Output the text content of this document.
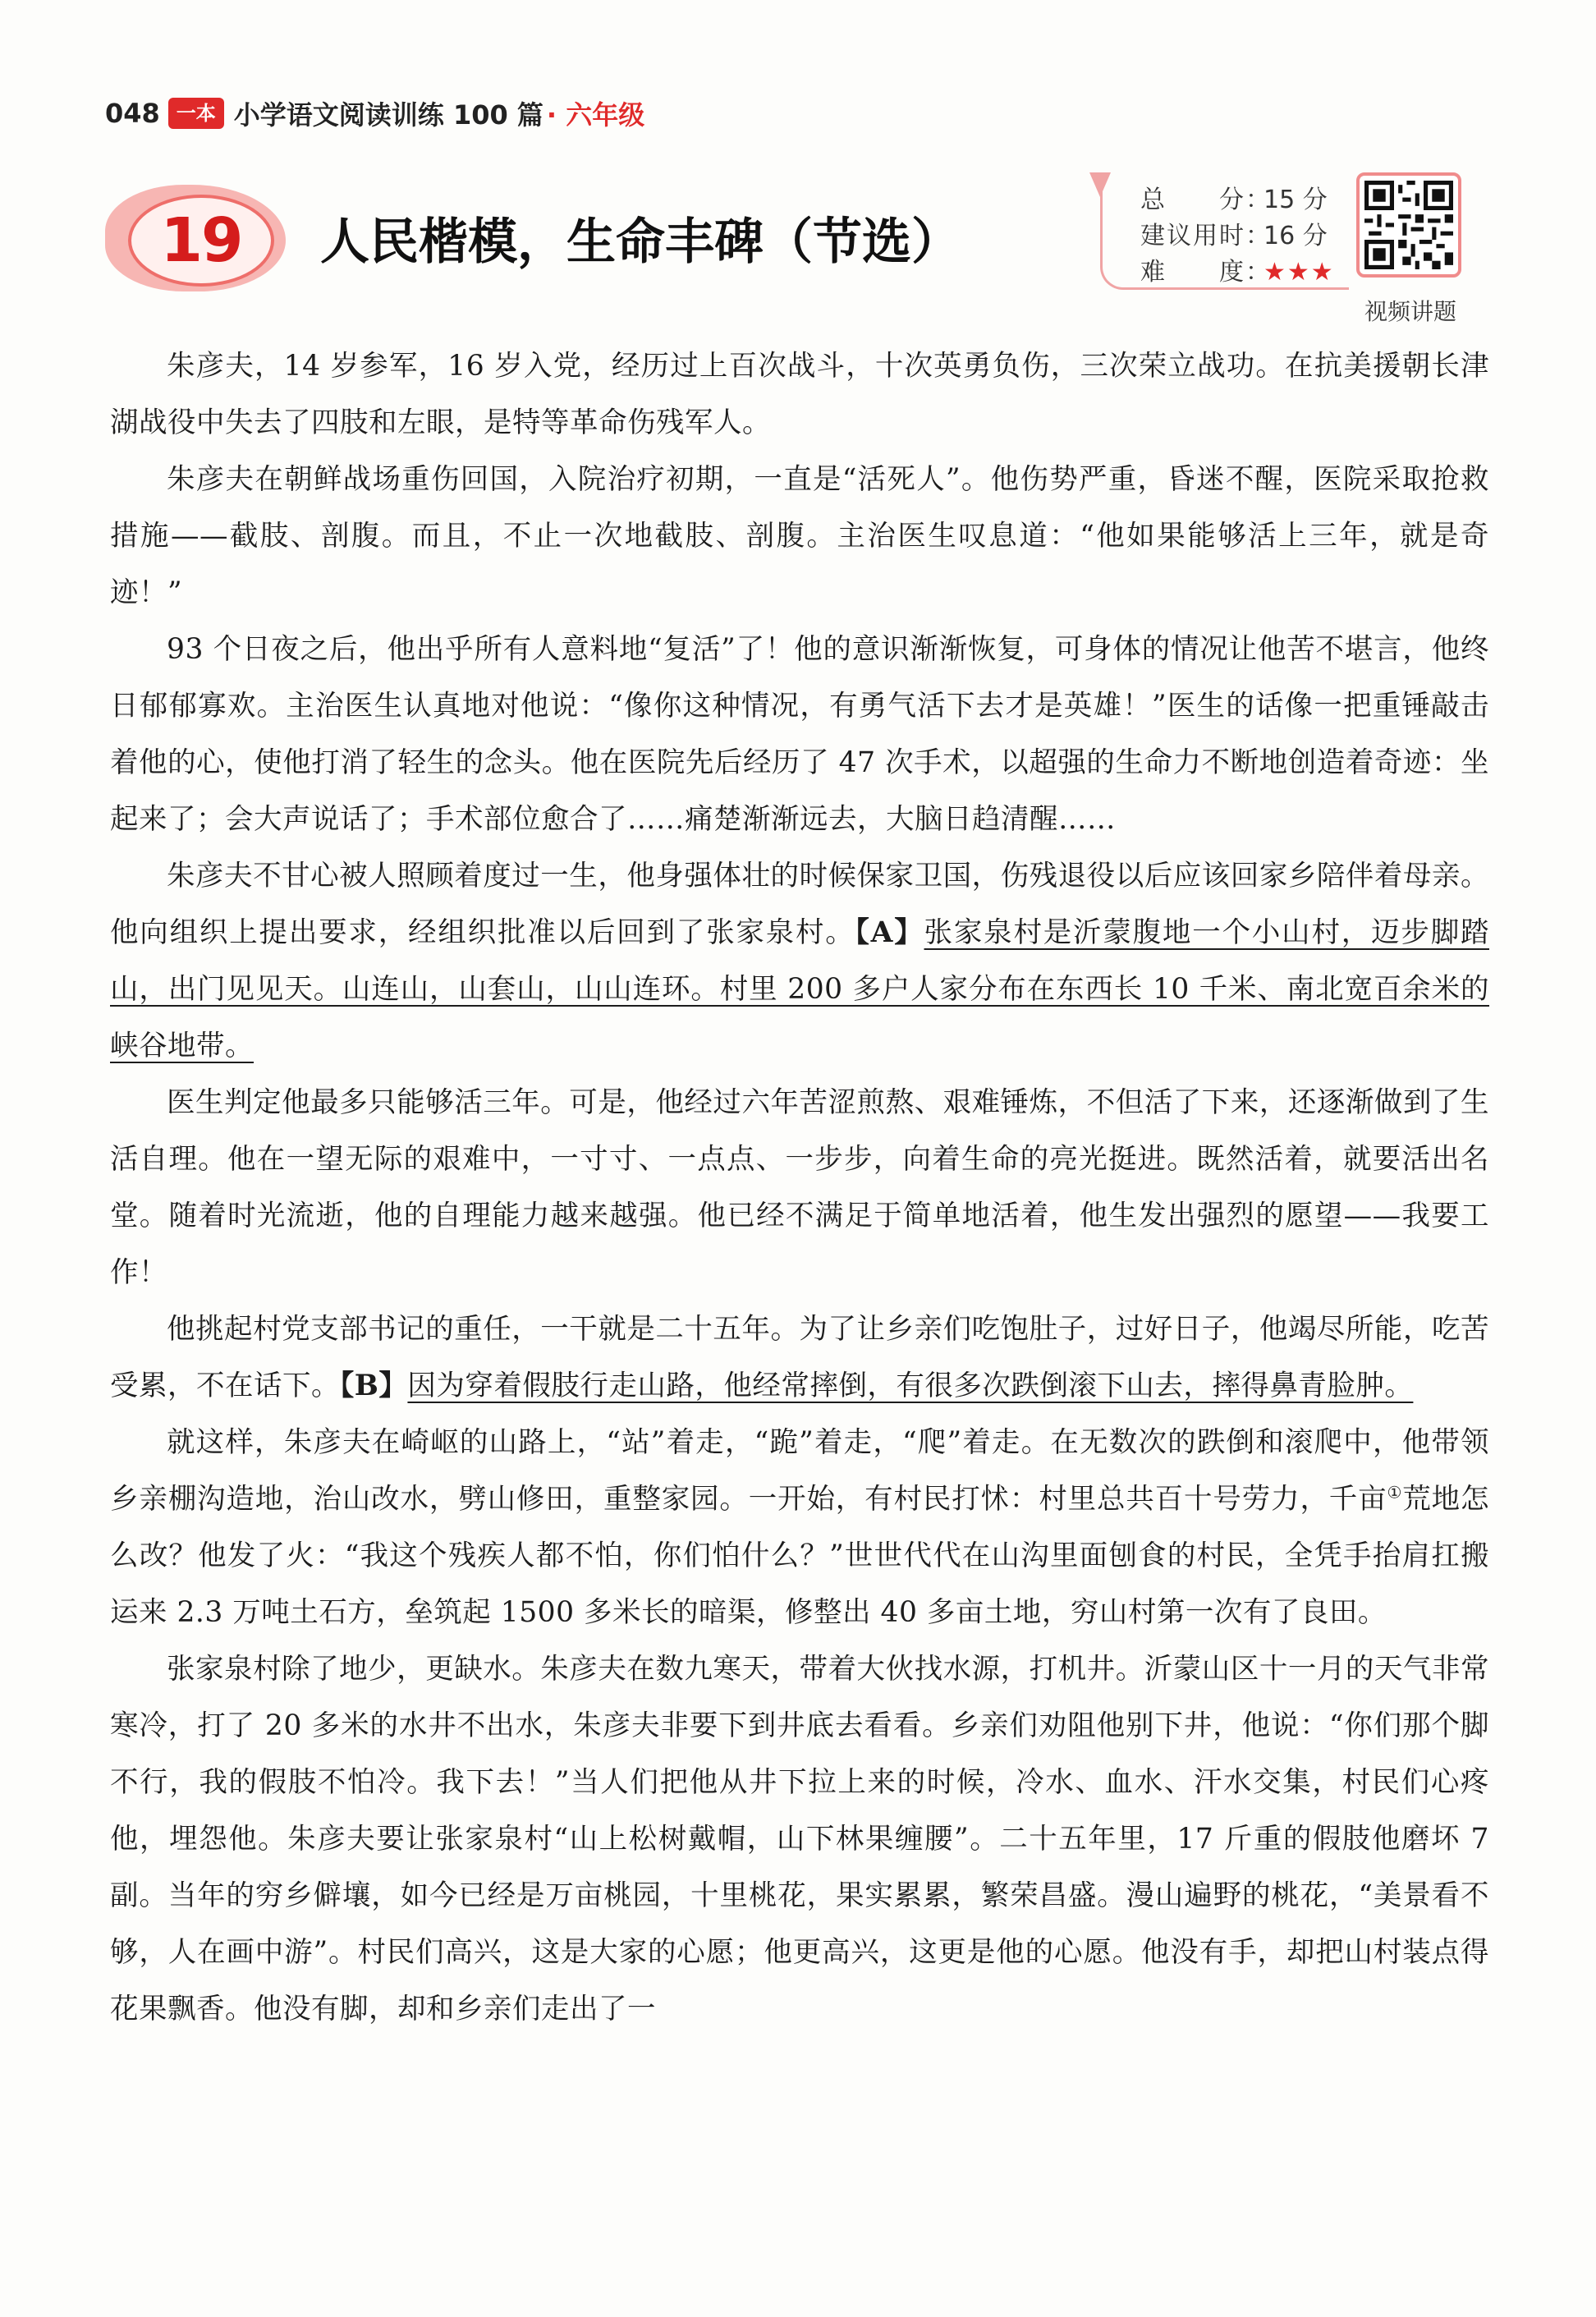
048 一本 小学语文阅读训练 100 篇 · 六年级
19 人民楷模，生命丰碑（节选）
总　　分：15 分
建议用时：16 分
难　　度：★★★
视频讲题

朱彦夫，14 岁参军，16 岁入党，经历过上百次战斗，十次英勇负伤，三次荣立战功。在抗美援朝长津湖战役中失去了四肢和左眼，是特等革命伤残军人。

朱彦夫在朝鲜战场重伤回国，入院治疗初期，一直是“活死人”。他伤势严重，昏迷不醒，医院采取抢救措施——截肢、剖腹。而且，不止一次地截肢、剖腹。主治医生叹息道：“他如果能够活上三年，就是奇迹！”

93 个日夜之后，他出乎所有人意料地“复活”了！他的意识渐渐恢复，可身体的情况让他苦不堪言，他终日郁郁寡欢。主治医生认真地对他说：“像你这种情况，有勇气活下去才是英雄！”医生的话像一把重锤敲击着他的心，使他打消了轻生的念头。他在医院先后经历了 47 次手术，以超强的生命力不断地创造着奇迹：坐起来了；会大声说话了；手术部位愈合了……痛楚渐渐远去，大脑日趋清醒……

朱彦夫不甘心被人照顾着度过一生，他身强体壮的时候保家卫国，伤残退役以后应该回家乡陪伴着母亲。他向组织上提出要求，经组织批准以后回到了张家泉村。【A】张家泉村是沂蒙腹地一个小山村，迈步脚踏山，出门见见天。山连山，山套山，山山连环。村里 200 多户人家分布在东西长 10 千米、南北宽百余米的峡谷地带。

医生判定他最多只能够活三年。可是，他经过六年苦涩煎熬、艰难锤炼，不但活了下来，还逐渐做到了生活自理。他在一望无际的艰难中，一寸寸、一点点、一步步，向着生命的亮光挺进。既然活着，就要活出名堂。随着时光流逝，他的自理能力越来越强。他已经不满足于简单地活着，他生发出强烈的愿望——我要工作！

他挑起村党支部书记的重任，一干就是二十五年。为了让乡亲们吃饱肚子，过好日子，他竭尽所能，吃苦受累，不在话下。【B】因为穿着假肢行走山路，他经常摔倒，有很多次跌倒滚下山去，摔得鼻青脸肿。

就这样，朱彦夫在崎岖的山路上，“站”着走，“跪”着走，“爬”着走。在无数次的跌倒和滚爬中，他带领乡亲棚沟造地，治山改水，劈山修田，重整家园。一开始，有村民打怵：村里总共百十号劳力，千亩①荒地怎么改？他发了火：“我这个残疾人都不怕，你们怕什么？”世世代代在山沟里面刨食的村民，全凭手抬肩扛搬运来 2.3 万吨土石方，垒筑起 1500 多米长的暗渠，修整出 40 多亩土地，穷山村第一次有了良田。

张家泉村除了地少，更缺水。朱彦夫在数九寒天，带着大伙找水源，打机井。沂蒙山区十一月的天气非常寒冷，打了 20 多米的水井不出水，朱彦夫非要下到井底去看看。乡亲们劝阻他别下井，他说：“你们那个脚不行，我的假肢不怕冷。我下去！”当人们把他从井下拉上来的时候，冷水、血水、汗水交集，村民们心疼他，埋怨他。朱彦夫要让张家泉村“山上松树戴帽，山下林果缠腰”。二十五年里，17 斤重的假肢他磨坏 7 副。当年的穷乡僻壤，如今已经是万亩桃园，十里桃花，果实累累，繁荣昌盛。漫山遍野的桃花，“美景看不够，人在画中游”。村民们高兴，这是大家的心愿；他更高兴，这更是他的心愿。他没有手，却把山村装点得花果飘香。他没有脚，却和乡亲们走出了一
